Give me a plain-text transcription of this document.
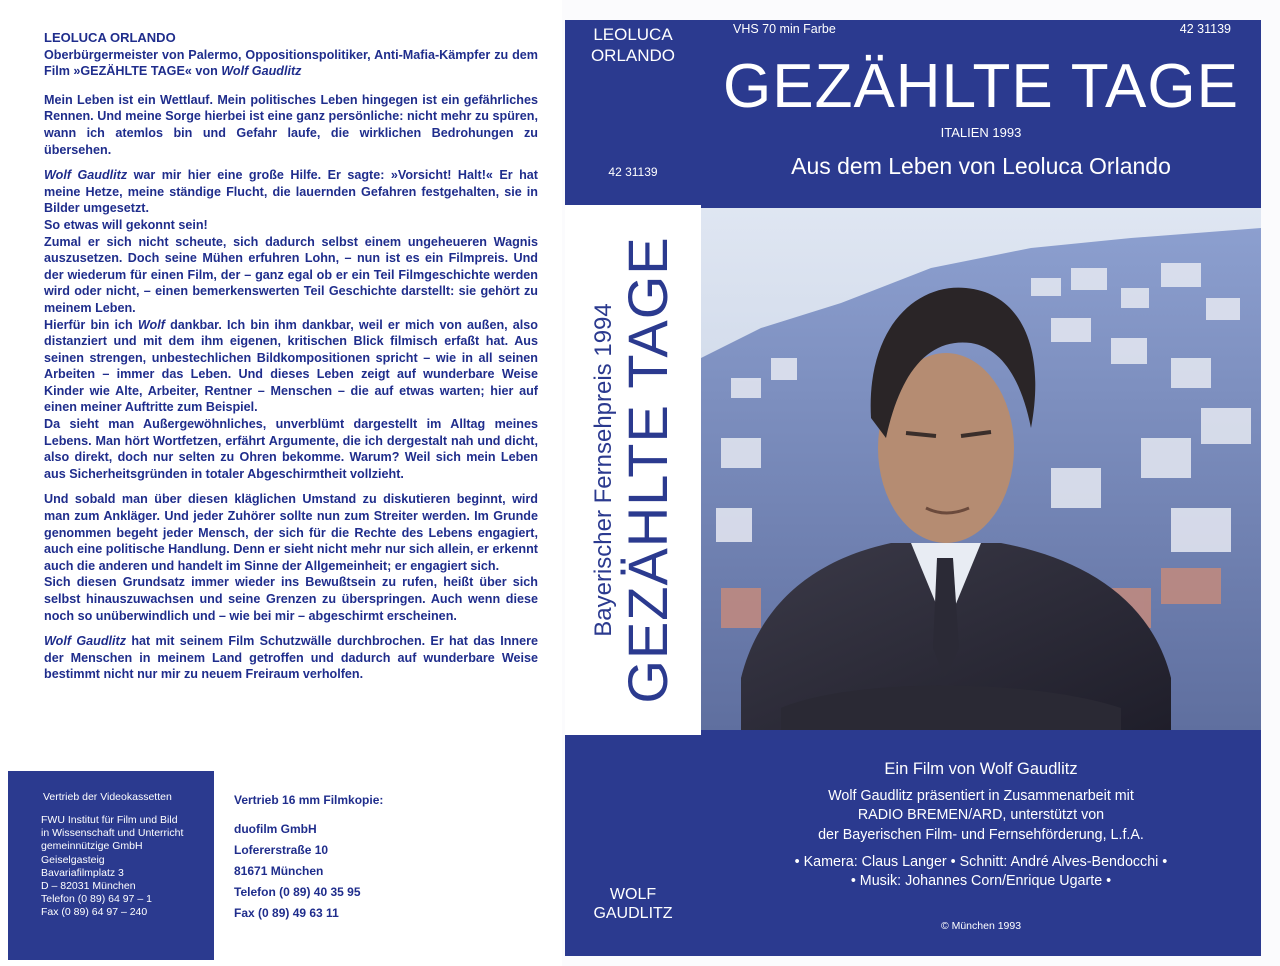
LEOLUCA ORLANDO

Oberbürgermeister von Palermo, Oppositionspolitiker, Anti-Mafia-Kämpfer zu dem Film »GEZÄHLTE TAGE« von Wolf Gaudlitz

Mein Leben ist ein Wettlauf. Mein politisches Leben hingegen ist ein gefährliches Rennen. Und meine Sorge hierbei ist eine ganz persönliche: nicht mehr zu spüren, wann ich atemlos bin und Gefahr laufe, die wirklichen Bedrohungen zu übersehen.

Wolf Gaudlitz war mir hier eine große Hilfe. Er sagte: »Vorsicht! Halt!« Er hat meine Hetze, meine ständige Flucht, die lauernden Gefahren festgehalten, sie in Bilder umgesetzt.

So etwas will gekonnt sein!

Zumal er sich nicht scheute, sich dadurch selbst einem ungeheueren Wagnis auszusetzen. Doch seine Mühen erfuhren Lohn, – nun ist es ein Filmpreis. Und der wiederum für einen Film, der – ganz egal ob er ein Teil Filmgeschichte werden wird oder nicht, – einen bemerkenswerten Teil Geschichte darstellt: sie gehört zu meinem Leben.

Hierfür bin ich Wolf dankbar. Ich bin ihm dankbar, weil er mich von außen, also distanziert und mit dem ihm eigenen, kritischen Blick filmisch erfaßt hat. Aus seinen strengen, unbestechlichen Bildkompositionen spricht – wie in all seinen Arbeiten – immer das Leben. Und dieses Leben zeigt auf wunderbare Weise Kinder wie Alte, Arbeiter, Rentner – Menschen – die auf etwas warten; hier auf einen meiner Auftritte zum Beispiel.

Da sieht man Außergewöhnliches, unverblümt dargestellt im Alltag meines Lebens. Man hört Wortfetzen, erfährt Argumente, die ich dergestalt nah und dicht, also direkt, doch nur selten zu Ohren bekomme. Warum? Weil sich mein Leben aus Sicherheitsgründen in totaler Abgeschirmtheit vollzieht.

Und sobald man über diesen kläglichen Umstand zu diskutieren beginnt, wird man zum Ankläger. Und jeder Zuhörer sollte nun zum Streiter werden. Im Grunde genommen begeht jeder Mensch, der sich für die Rechte des Lebens engagiert, auch eine politische Handlung. Denn er sieht nicht mehr nur sich allein, er erkennt auch die anderen und handelt im Sinne der Allgemeinheit; er engagiert sich.

Sich diesen Grundsatz immer wieder ins Bewußtsein zu rufen, heißt über sich selbst hinauszuwachsen und seine Grenzen zu überspringen. Auch wenn diese noch so unüberwindlich und – wie bei mir – abgeschirmt erscheinen.

Wolf Gaudlitz hat mit seinem Film Schutzwälle durchbrochen. Er hat das Innere der Menschen in meinem Land getroffen und dadurch auf wunderbare Weise bestimmt nicht nur mir zu neuem Freiraum verholfen.

Vertrieb der Videokassetten
FWU Institut für Film und Bild
in Wissenschaft und Unterricht
gemeinnützige GmbH
Geiselgasteig
Bavariafilmplatz 3
D – 82031 München
Telefon (0 89) 64 97 – 1
Fax (0 89) 64 97 – 240
Vertrieb 16 mm Filmkopie:
duofilm GmbH
Lofererstraße 10
81671 München
Telefon (0 89) 40 35 95
Fax (0 89) 49 63 11
LEOLUCA
ORLANDO
42 31139
Bayerischer Fernsehpreis 1994 GEZÄHLTE TAGE
WOLF
GAUDLITZ
VHS 70 min Farbe	42 31139
GEZÄHLTE TAGE
ITALIEN 1993
Aus dem Leben von Leoluca Orlando
Ein Film von Wolf Gaudlitz
Wolf Gaudlitz präsentiert in Zusammenarbeit mit
RADIO BREMEN/ARD, unterstützt von
der Bayerischen Film- und Fernsehförderung, L.f.A.
• Kamera: Claus Langer • Schnitt: André Alves-Bendocchi •
• Musik: Johannes Corn/Enrique Ugarte •
© München 1993
